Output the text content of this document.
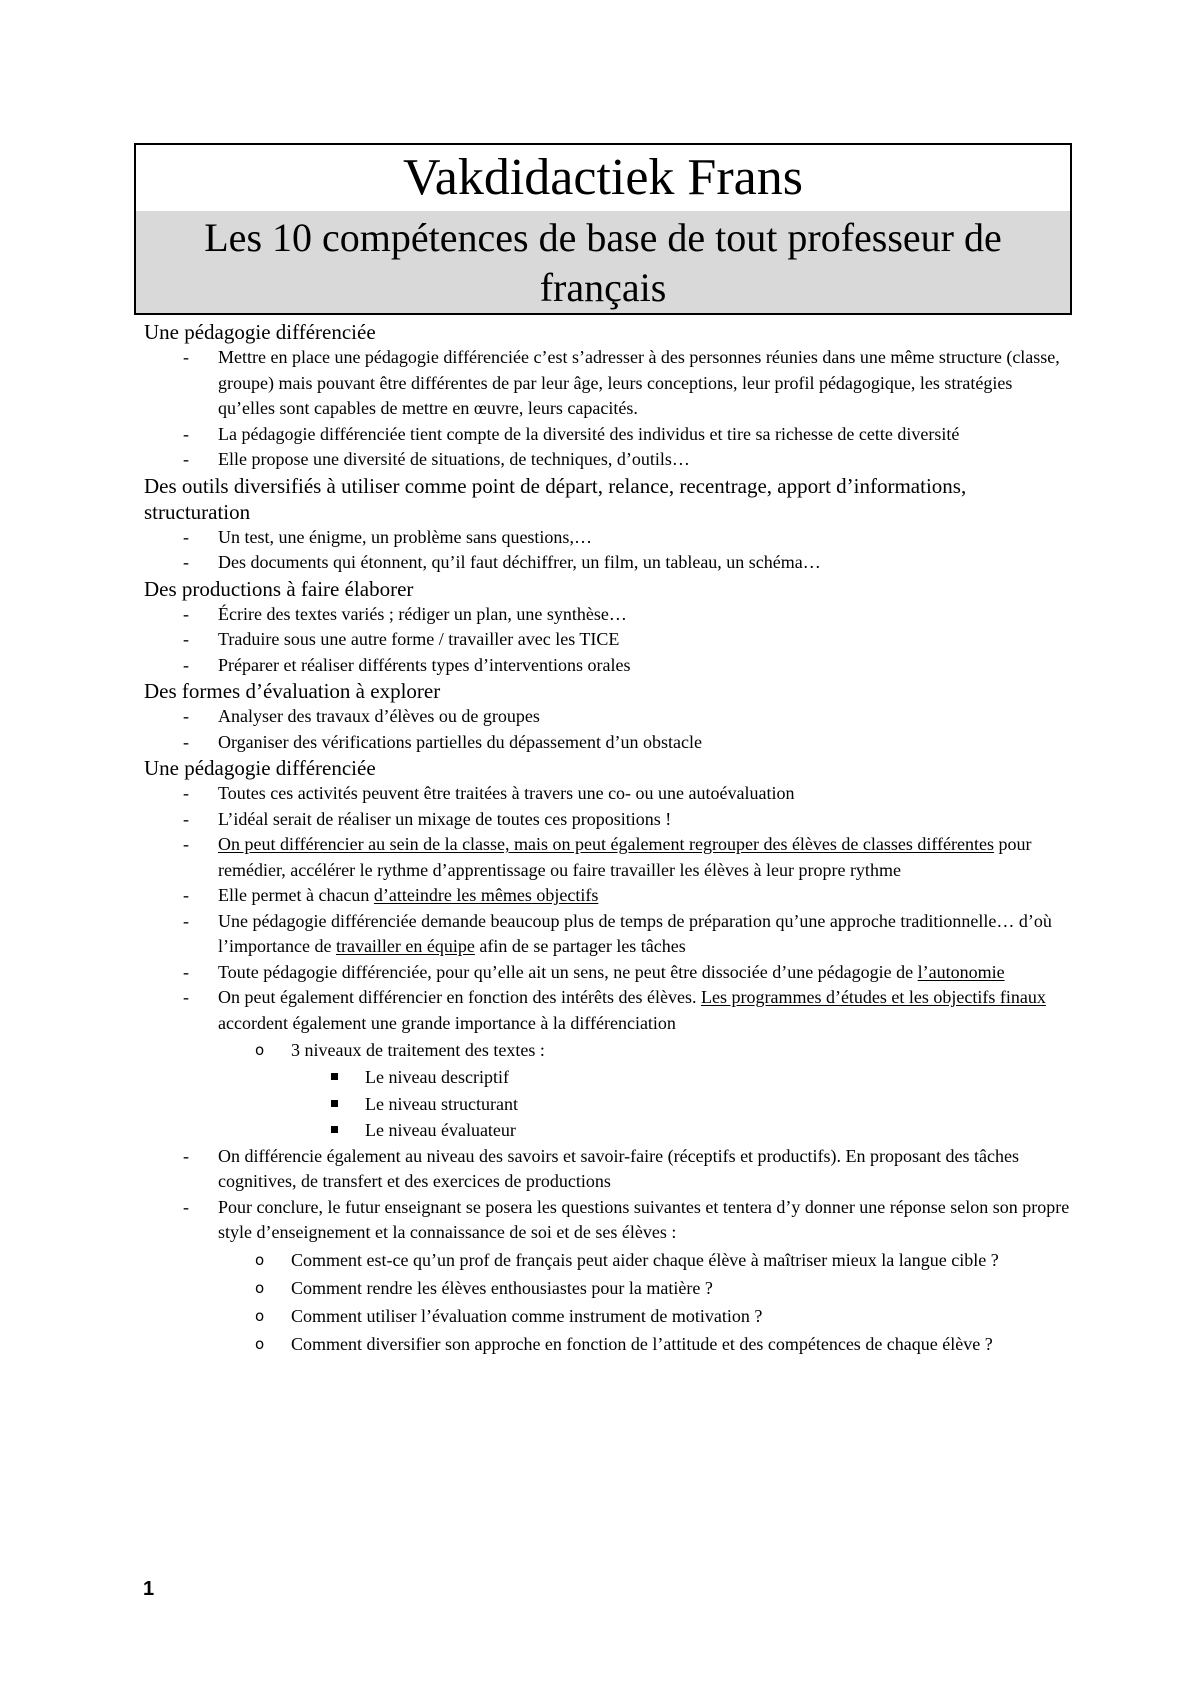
Vakdidactiek Frans
Les 10 compétences de base de tout professeur de français
Une pédagogie différenciée
- Mettre en place une pédagogie différenciée c’est s’adresser à des personnes réunies dans une même structure (classe, groupe) mais pouvant être différentes de par leur âge, leurs conceptions, leur profil pédagogique, les stratégies qu’elles sont capables de mettre en œuvre, leurs capacités.
- La pédagogie différenciée tient compte de la diversité des individus et tire sa richesse de cette diversité
- Elle propose une diversité de situations, de techniques, d’outils…
Des outils diversifiés à utiliser comme point de départ, relance, recentrage, apport d’informations, structuration
- Un test, une énigme, un problème sans questions,…
- Des documents qui étonnent, qu’il faut déchiffrer, un film, un tableau, un schéma…
Des productions à faire élaborer
- Écrire des textes variés ; rédiger un plan, une synthèse…
- Traduire sous une autre forme / travailler avec les TICE
- Préparer et réaliser différents types d’interventions orales
Des formes d’évaluation à explorer
- Analyser des travaux d’élèves ou de groupes
- Organiser des vérifications partielles du dépassement d’un obstacle
Une pédagogie différenciée
- Toutes ces activités peuvent être traitées à travers une co- ou une autoévaluation
- L’idéal serait de réaliser un mixage de toutes ces propositions !
- On peut différencier au sein de la classe, mais on peut également regrouper des élèves de classes différentes pour remédier, accélérer le rythme d’apprentissage ou faire travailler les élèves à leur propre rythme
- Elle permet à chacun d’atteindre les mêmes objectifs
- Une pédagogie différenciée demande beaucoup plus de temps de préparation qu’une approche traditionnelle… d’où l’importance de travailler en équipe afin de se partager les tâches
- Toute pédagogie différenciée, pour qu’elle ait un sens, ne peut être dissociée d’une pédagogie de l’autonomie
- On peut également différencier en fonction des intérêts des élèves. Les programmes d’études et les objectifs finaux accordent également une grande importance à la différenciation
o 3 niveaux de traitement des textes :
Le niveau descriptif
Le niveau structurant
Le niveau évaluateur
- On différencie également au niveau des savoirs et savoir-faire (réceptifs et productifs). En proposant des tâches cognitives, de transfert et des exercices de productions
- Pour conclure, le futur enseignant se posera les questions suivantes et tentera d’y donner une réponse selon son propre style d’enseignement et la connaissance de soi et de ses élèves :
o Comment est-ce qu’un prof de français peut aider chaque élève à maîtriser mieux la langue cible ?
o Comment rendre les élèves enthousiastes pour la matière ?
o Comment utiliser l’évaluation comme instrument de motivation ?
o Comment diversifier son approche en fonction de l’attitude et des compétences de chaque élève ?
1
